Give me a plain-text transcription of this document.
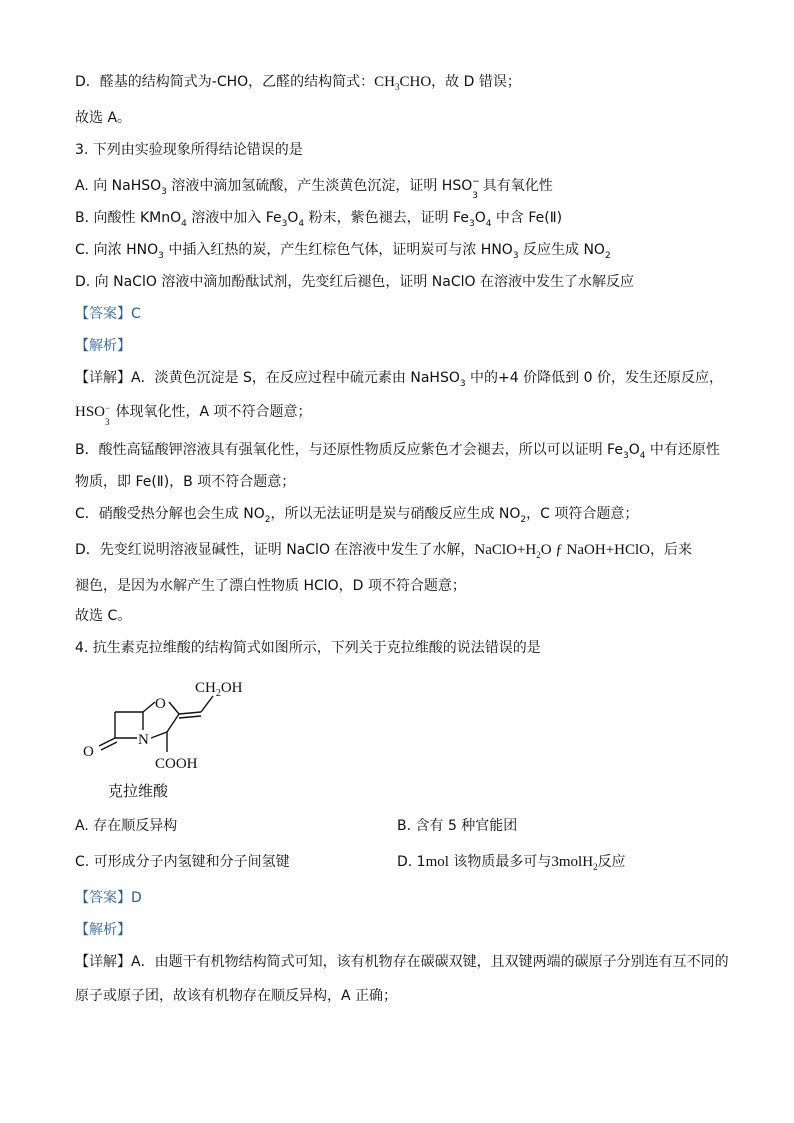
D．醛基的结构简式为-CHO，乙醛的结构简式：$CH_3CHO$，故 D 错误；
故选 A。
3. 下列由实验现象所得结论错误的是
A. 向 NaHSO$_3$ 溶液中滴加氢硫酸，产生淡黄色沉淀，证明 HSO −
3
具有氧化性
B. 向酸性 KMnO$_4$ 溶液中加入 $Fe_3O_4$ 粉末，紫色褪去，证明 $Fe_3O_4$ 中含 Fe(Ⅱ)
C. 向浓 $HNO_3$ 中插入红热的炭，产生红棕色气体，证明炭可与浓 $HNO_3$ 反应生成 $NO_2$
D. 向 NaClO 溶液中滴加酚酞试剂，先变红后褪色，证明 NaClO 在溶液中发生了水解反应
【答案】C
【解析】
【详解】A．淡黄色沉淀是 S，在反应过程中硫元素由 NaHSO$_3$ 中的+4 价降低到 0 价，发生还原反应，
HSO −
3
体现氧化性，A 项不符合题意；
B．酸性高锰酸钾溶液具有强氧化性，与还原性物质反应紫色才会褪去，所以可以证明 $Fe_3O_4$ 中有还原性
物质，即 Fe(Ⅱ)，B 项不符合题意；
C．硝酸受热分解也会生成 $NO_2$，所以无法证明是炭与硝酸反应生成 $NO_2$，C 项符合题意；
D．先变红说明溶液显碱性，证明 NaClO 在溶液中发生了水解，$NaClO+H_2O$ ƒ NaOH+HClO，后来
褪色，是因为水解产生了漂白性物质 HClO，D 项不符合题意；
故选 C。
4. 抗生素克拉维酸的结构简式如图所示，下列关于克拉维酸的说法错误的是
O
N
O
COOH
$CH_2OH$
克拉维酸
A. 存在顺反异构	B. 含有 5 种官能团
C. 可形成分子内氢键和分子间氢键	D. 1mol 该物质最多可与3molH$_2$反应
【答案】D
【解析】
【详解】A．由题干有机物结构简式可知，该有机物存在碳碳双键，且双键两端的碳原子分别连有互不同的
原子或原子团，故该有机物存在顺反异构，A 正确；
